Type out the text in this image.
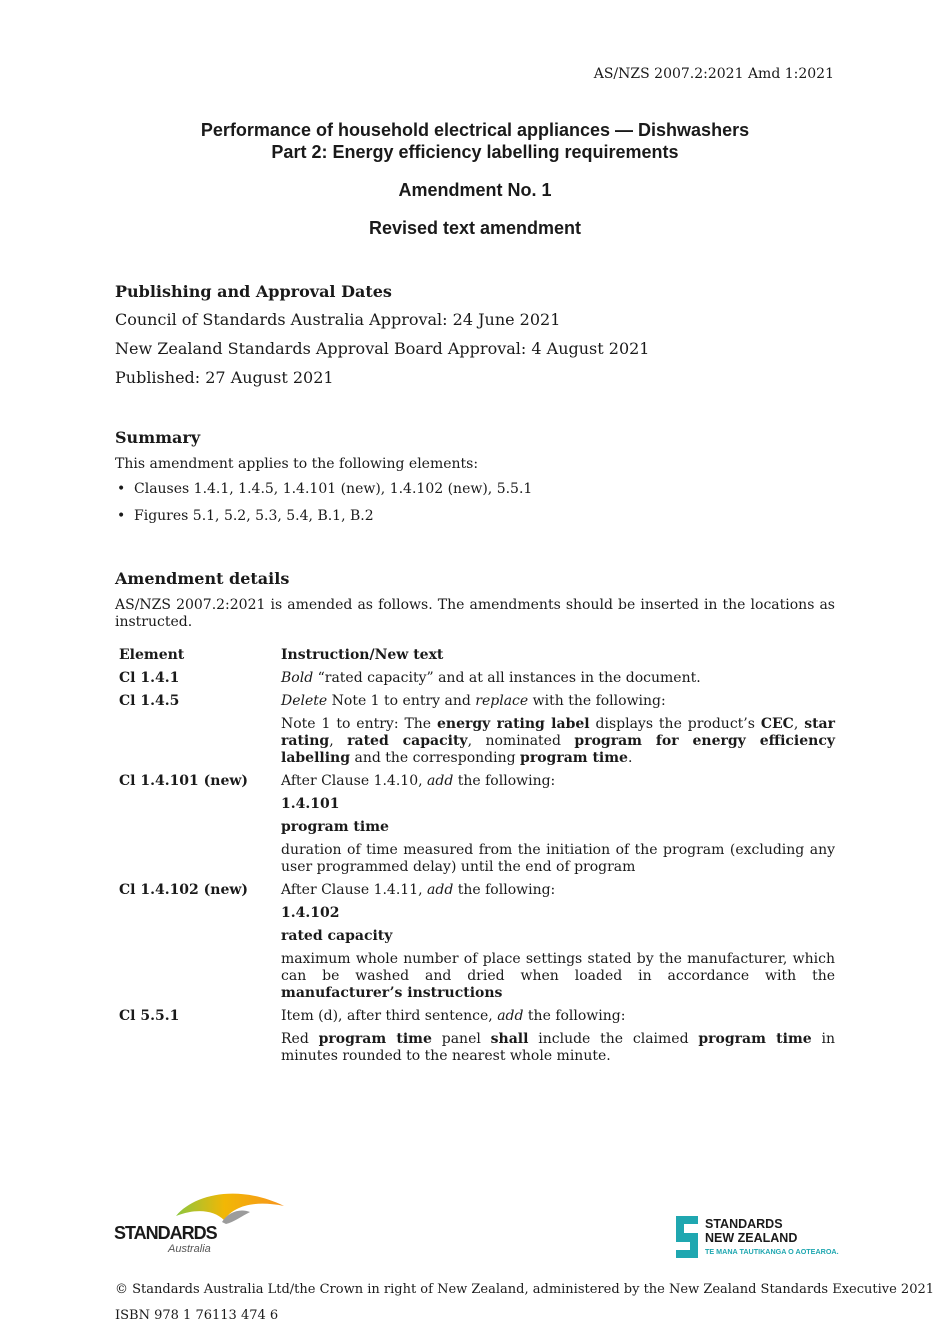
AS/NZS 2007.2:2021 Amd 1:2021
Performance of household electrical appliances — Dishwashers
Part 2: Energy efficiency labelling requirements
Amendment No. 1
Revised text amendment
Publishing and Approval Dates
Council of Standards Australia Approval: 24 June 2021
New Zealand Standards Approval Board Approval: 4 August 2021
Published: 27 August 2021
Summary
This amendment applies to the following elements:
• Clauses 1.4.1, 1.4.5, 1.4.101 (new), 1.4.102 (new), 5.5.1
• Figures 5.1, 5.2, 5.3, 5.4, B.1, B.2
Amendment details
AS/NZS 2007.2:2021 is amended as follows. The amendments should be inserted in the locations as instructed.
Element	Instruction/New text
Cl 1.4.1	Bold “rated capacity” and at all instances in the document.
Cl 1.4.5	Delete Note 1 to entry and replace with the following:
Note 1 to entry: The energy rating label displays the product’s CEC, star rating, rated capacity, nominated program for energy efficiency labelling and the corresponding program time.

Cl 1.4.101 (new)	After Clause 1.4.10, add the following:
1.4.101
program time
duration of time measured from the initiation of the program (excluding any user programmed delay) until the end of program

Cl 1.4.102 (new)	After Clause 1.4.11, add the following:
1.4.102
rated capacity
maximum whole number of place settings stated by the manufacturer, which can be washed and dried when loaded in accordance with the manufacturer’s instructions

Cl 5.5.1	Item (d), after third sentence, add the following:
Red program time panel shall include the claimed program time in minutes rounded to the nearest whole minute.
STANDARDS
Australia
STANDARDS
NEW ZEALAND
TE MANA TAUTIKANGA O AOTEAROA.
© Standards Australia Ltd/the Crown in right of New Zealand, administered by the New Zealand Standards Executive 2021
ISBN 978 1 76113 474 6
